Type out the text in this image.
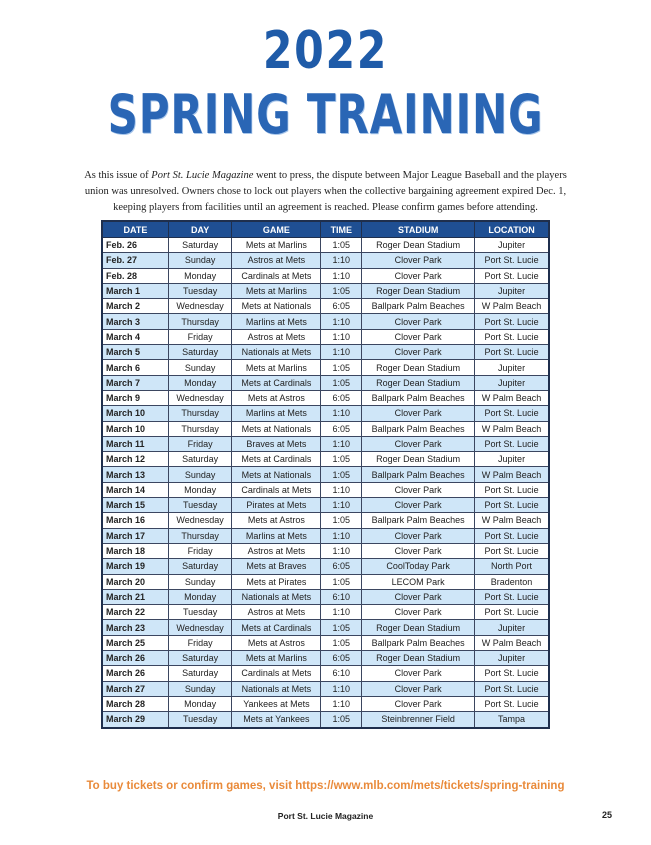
2022
SPRING TRAINING

As this issue of Port St. Lucie Magazine went to press, the dispute between Major League Baseball and the players union was unresolved. Owners chose to lock out players when the collective bargaining agreement expired Dec. 1, keeping players from facilities until an agreement is reached. Please confirm games before attending.

DATE	DAY	GAME	TIME	STADIUM	LOCATION
Feb. 26	Saturday	Mets at Marlins	1:05	Roger Dean Stadium	Jupiter
Feb. 27	Sunday	Astros at Mets	1:10	Clover Park	Port St. Lucie
Feb. 28	Monday	Cardinals at Mets	1:10	Clover Park	Port St. Lucie
March 1	Tuesday	Mets at Marlins	1:05	Roger Dean Stadium	Jupiter
March 2	Wednesday	Mets at Nationals	6:05	Ballpark Palm Beaches	W Palm Beach
March 3	Thursday	Marlins at Mets	1:10	Clover Park	Port St. Lucie
March 4	Friday	Astros at Mets	1:10	Clover Park	Port St. Lucie
March 5	Saturday	Nationals at Mets	1:10	Clover Park	Port St. Lucie
March 6	Sunday	Mets at Marlins	1:05	Roger Dean Stadium	Jupiter
March 7	Monday	Mets at Cardinals	1:05	Roger Dean Stadium	Jupiter
March 9	Wednesday	Mets at Astros	6:05	Ballpark Palm Beaches	W Palm Beach
March 10	Thursday	Marlins at Mets	1:10	Clover Park	Port St. Lucie
March 10	Thursday	Mets at Nationals	6:05	Ballpark Palm Beaches	W Palm Beach
March 11	Friday	Braves at Mets	1:10	Clover Park	Port St. Lucie
March 12	Saturday	Mets at Cardinals	1:05	Roger Dean Stadium	Jupiter
March 13	Sunday	Mets at Nationals	1:05	Ballpark Palm Beaches	W Palm Beach
March 14	Monday	Cardinals at Mets	1:10	Clover Park	Port St. Lucie
March 15	Tuesday	Pirates at Mets	1:10	Clover Park	Port St. Lucie
March 16	Wednesday	Mets at Astros	1:05	Ballpark Palm Beaches	W Palm Beach
March 17	Thursday	Marlins at Mets	1:10	Clover Park	Port St. Lucie
March 18	Friday	Astros at Mets	1:10	Clover Park	Port St. Lucie
March 19	Saturday	Mets at Braves	6:05	CoolToday Park	North Port
March 20	Sunday	Mets at Pirates	1:05	LECOM Park	Bradenton
March 21	Monday	Nationals at Mets	6:10	Clover Park	Port St. Lucie
March 22	Tuesday	Astros at Mets	1:10	Clover Park	Port St. Lucie
March 23	Wednesday	Mets at Cardinals	1:05	Roger Dean Stadium	Jupiter
March 25	Friday	Mets at Astros	1:05	Ballpark Palm Beaches	W Palm Beach
March 26	Saturday	Mets at Marlins	6:05	Roger Dean Stadium	Jupiter
March 26	Saturday	Cardinals at Mets	6:10	Clover Park	Port St. Lucie
March 27	Sunday	Nationals at Mets	1:10	Clover Park	Port St. Lucie
March 28	Monday	Yankees at Mets	1:10	Clover Park	Port St. Lucie
March 29	Tuesday	Mets at Yankees	1:05	Steinbrenner Field	Tampa
To buy tickets or confirm games, visit https://www.mlb.com/mets/tickets/spring-training
Port St. Lucie Magazine	25
